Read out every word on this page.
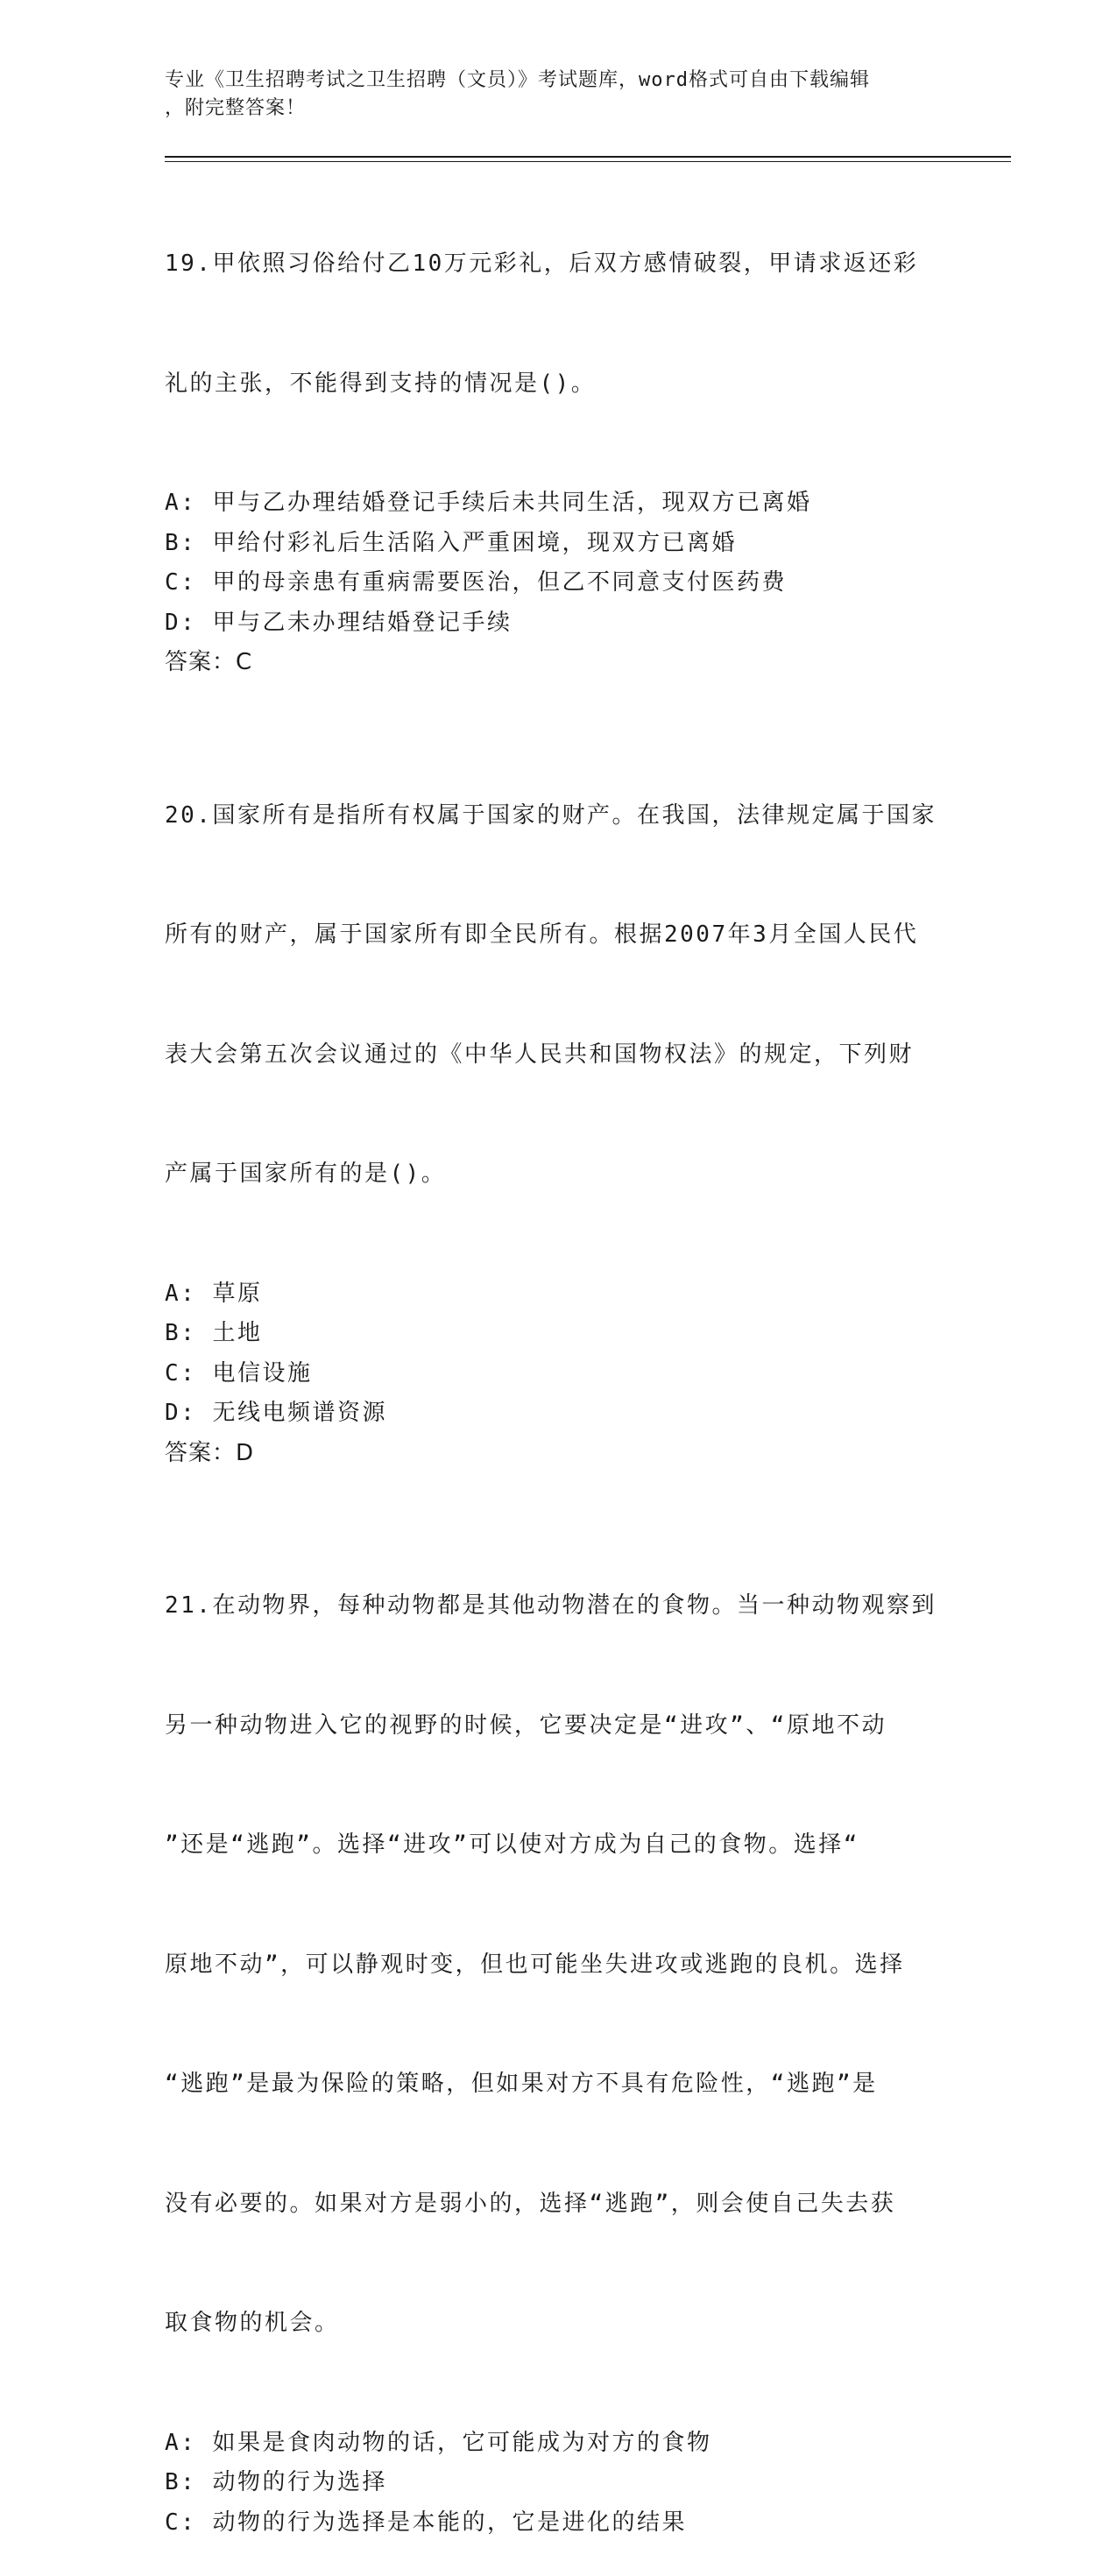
专业《卫生招聘考试之卫生招聘（文员）》考试题库，word格式可自由下载编辑
，附完整答案！

19.甲依照习俗给付乙10万元彩礼，后双方感情破裂，甲请求返还彩

礼的主张，不能得到支持的情况是()。

A: 甲与乙办理结婚登记手续后未共同生活，现双方已离婚
B: 甲给付彩礼后生活陷入严重困境，现双方已离婚
C: 甲的母亲患有重病需要医治，但乙不同意支付医药费
D: 甲与乙未办理结婚登记手续
答案：C

20.国家所有是指所有权属于国家的财产。在我国，法律规定属于国家

所有的财产，属于国家所有即全民所有。根据2007年3月全国人民代

表大会第五次会议通过的《中华人民共和国物权法》的规定，下列财

产属于国家所有的是()。

A: 草原
B: 土地
C: 电信设施
D: 无线电频谱资源
答案：D

21.在动物界，每种动物都是其他动物潜在的食物。当一种动物观察到

另一种动物进入它的视野的时候，它要决定是“进攻”、“原地不动

”还是“逃跑”。选择“进攻”可以使对方成为自己的食物。选择“

原地不动”，可以静观时变，但也可能坐失进攻或逃跑的良机。选择

“逃跑”是最为保险的策略，但如果对方不具有危险性，“逃跑”是

没有必要的。如果对方是弱小的，选择“逃跑”，则会使自己失去获

取食物的机会。

A: 如果是食肉动物的话，它可能成为对方的食物
B: 动物的行为选择
C: 动物的行为选择是本能的，它是进化的结果
